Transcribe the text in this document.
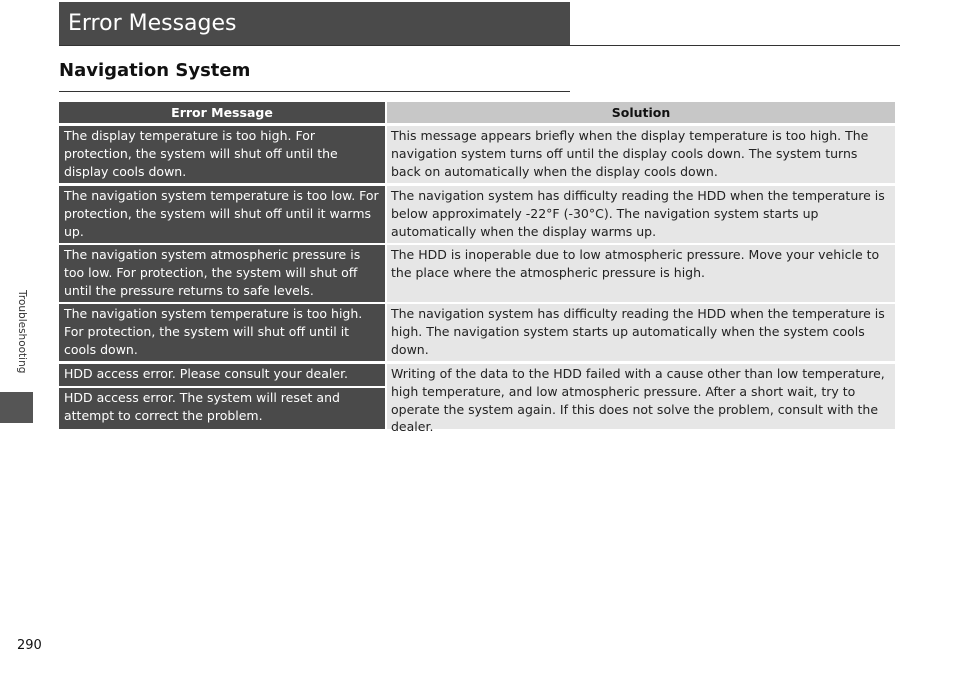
Error Messages
Navigation System
Error Message	Solution
The display temperature is too high. For protection, the system will shut off until the display cools down.
This message appears briefly when the display temperature is too high. The navigation system turns off until the display cools down. The system turns back on automatically when the display cools down.
The navigation system temperature is too low. For protection, the system will shut off until it warms up.
The navigation system has difficulty reading the HDD when the temperature is below approximately -22°F (-30°C). The navigation system starts up automatically when the display warms up.
The navigation system atmospheric pressure is too low. For protection, the system will shut off until the pressure returns to safe levels.
The HDD is inoperable due to low atmospheric pressure. Move your vehicle to the place where the atmospheric pressure is high.
The navigation system temperature is too high. For protection, the system will shut off until it cools down.
The navigation system has difficulty reading the HDD when the temperature is high. The navigation system starts up automatically when the system cools down.
HDD access error. Please consult your dealer.
HDD access error. The system will reset and attempt to correct the problem.
Writing of the data to the HDD failed with a cause other than low temperature, high temperature, and low atmospheric pressure. After a short wait, try to operate the system again. If this does not solve the problem, consult with the dealer.
Troubleshooting
290
